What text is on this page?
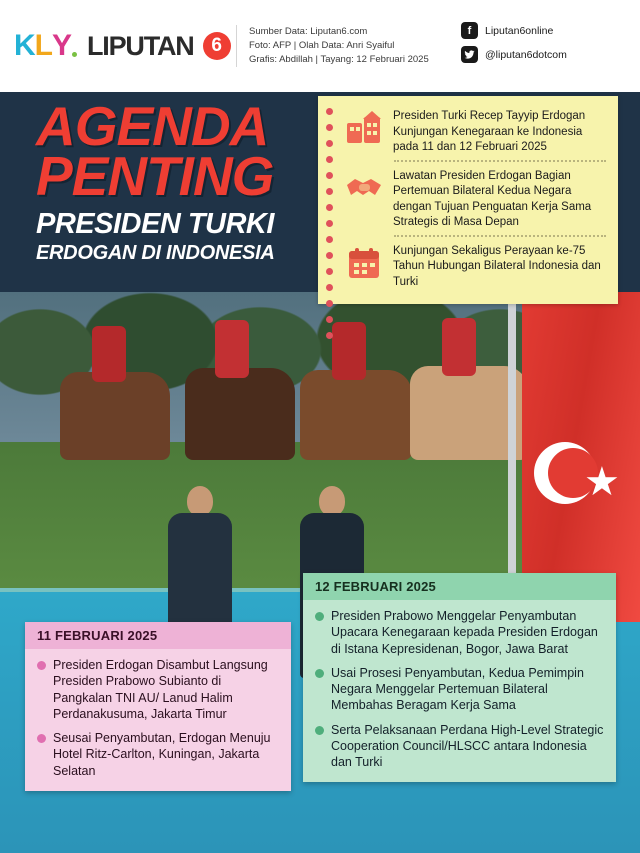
K L Y LIPUTAN 6
Sumber Data: Liputan6.com
Foto: AFP | Olah Data: Anri Syaiful
Grafis: Abdillah | Tayang: 12 Februari 2025
f	Liputan6online
@liputan6dotcom
★
AGENDA
PENTING
PRESIDEN TURKI
ERDOGAN DI INDONESIA
Presiden Turki Recep Tayyip Erdogan Kunjungan Kenegaraan ke Indonesia pada 11 dan 12 Februari 2025
Lawatan Presiden Erdogan Bagian Pertemuan Bilateral Kedua Negara dengan Tujuan Penguatan Kerja Sama Strategis di Masa Depan
Kunjungan Sekaligus Perayaan ke-75 Tahun Hubungan Bilateral Indonesia dan Turki
12 FEBRUARI 2025
Presiden Prabowo Menggelar Penyambutan Upacara Kenegaraan kepada Presiden Erdogan di Istana Kepresidenan, Bogor, Jawa Barat
Usai Prosesi Penyambutan, Kedua Pemimpin Negara Menggelar Pertemuan Bilateral Membahas Beragam Kerja Sama
Serta Pelaksanaan Perdana High-Level Strategic Cooperation Council/HLSCC antara Indonesia dan Turki
11 FEBRUARI 2025
Presiden Erdogan Disambut Langsung Presiden Prabowo Subianto di Pangkalan TNI AU/ Lanud Halim Perdanakusuma, Jakarta Timur
Seusai Penyambutan, Erdogan Menuju Hotel Ritz-Carlton, Kuningan, Jakarta Selatan
